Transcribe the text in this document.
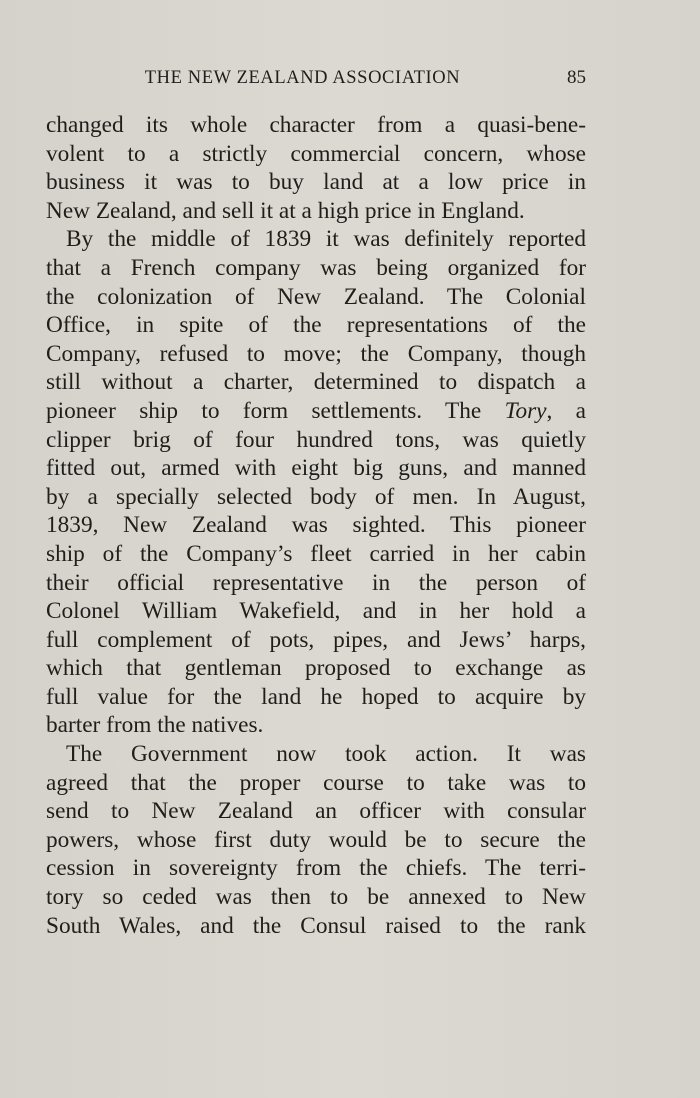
THE NEW ZEALAND ASSOCIATION	85
changed its whole character from a quasi-bene-
volent to a strictly commercial concern, whose
business it was to buy land at a low price in
New Zealand, and sell it at a high price in England.
By the middle of 1839 it was definitely reported
that a French company was being organized for
the colonization of New Zealand. The Colonial
Office, in spite of the representations of the
Company, refused to move; the Company, though
still without a charter, determined to dispatch a
pioneer ship to form settlements. The Tory, a
clipper brig of four hundred tons, was quietly
fitted out, armed with eight big guns, and manned
by a specially selected body of men. In August,
1839, New Zealand was sighted. This pioneer
ship of the Company’s fleet carried in her cabin
their official representative in the person of
Colonel William Wakefield, and in her hold a
full complement of pots, pipes, and Jews’ harps,
which that gentleman proposed to exchange as
full value for the land he hoped to acquire by
barter from the natives.
The Government now took action. It was
agreed that the proper course to take was to
send to New Zealand an officer with consular
powers, whose first duty would be to secure the
cession in sovereignty from the chiefs. The terri-
tory so ceded was then to be annexed to New
South Wales, and the Consul raised to the rank
